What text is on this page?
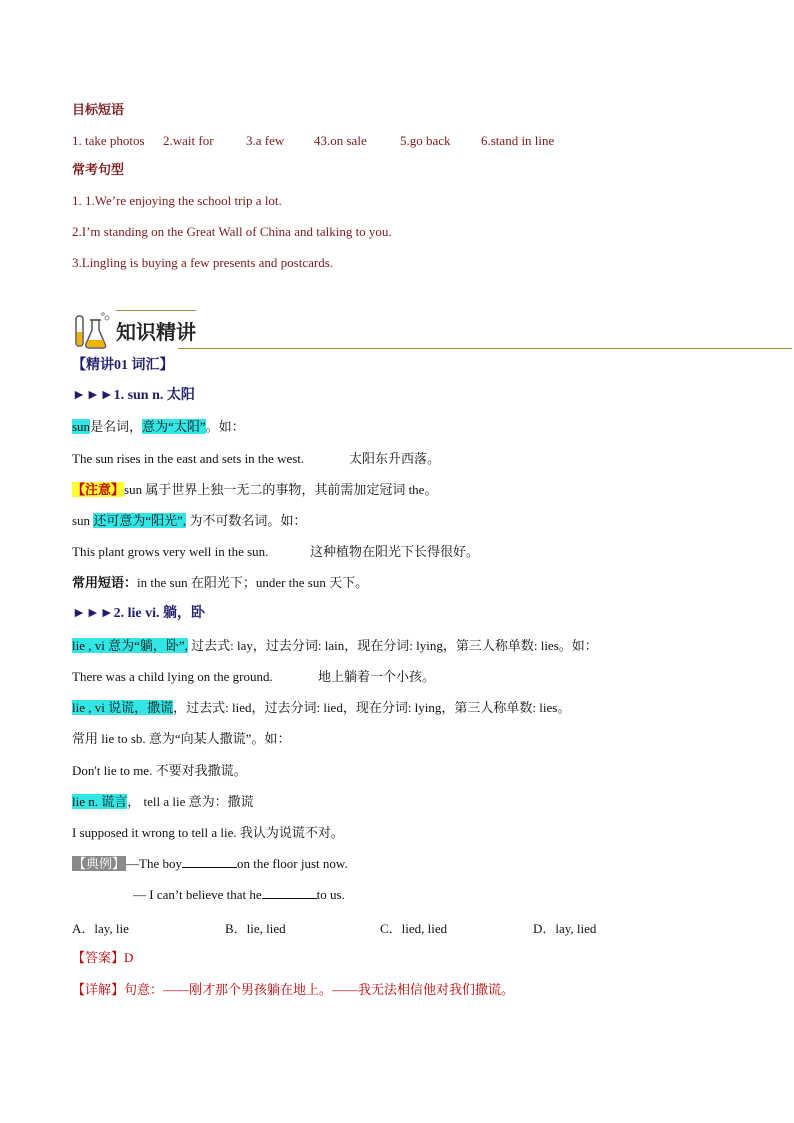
目标短语
1. take photos 2.wait for 3.a few 43.on sale	5.go back 6.stand in line
常考句型
1. 1.We’re enjoying the school trip a lot.
2.I’m standing on the Great Wall of China and talking to you.
3.Lingling is buying a few presents and postcards.
知识精讲
【精讲01 词汇】
►►►1. sun n. 太阳
sun是名词，意为“太阳”。如：
The sun rises in the east and sets in the west.	太阳东升西落。
【注意】sun 属于世界上独一无二的事物，其前需加定冠词 the。
sun 还可意为“阳光”, 为不可数名词。如：
This plant grows very well in the sun.	这种植物在阳光下长得很好。
常用短语：in the sun 在阳光下；under the sun 天下。
►►►2. lie vi. 躺，卧
lie , vi 意为“躺，卧”, 过去式: lay，过去分词: lain，现在分词: lying，第三人称单数: lies。如：
There was a child lying on the ground.	地上躺着一个小孩。
lie , vi 说谎，撒谎，过去式: lied，过去分词: lied，现在分词: lying，第三人称单数: lies。
常用 lie to sb. 意为“向某人撒谎”。如：
Don't lie to me. 不要对我撒谎。
lie n. 谎言， tell a lie 意为：撒谎
I supposed it wrong to tell a lie. 我认为说谎不对。
【典例】—The boy	on the floor just now.
— I can’t believe that he	to us.
A．lay, lie	B．lie, lied	C．lied, lied	D．lay, lied
【答案】D
【详解】句意：——刚才那个男孩躺在地上。——我无法相信他对我们撒谎。
